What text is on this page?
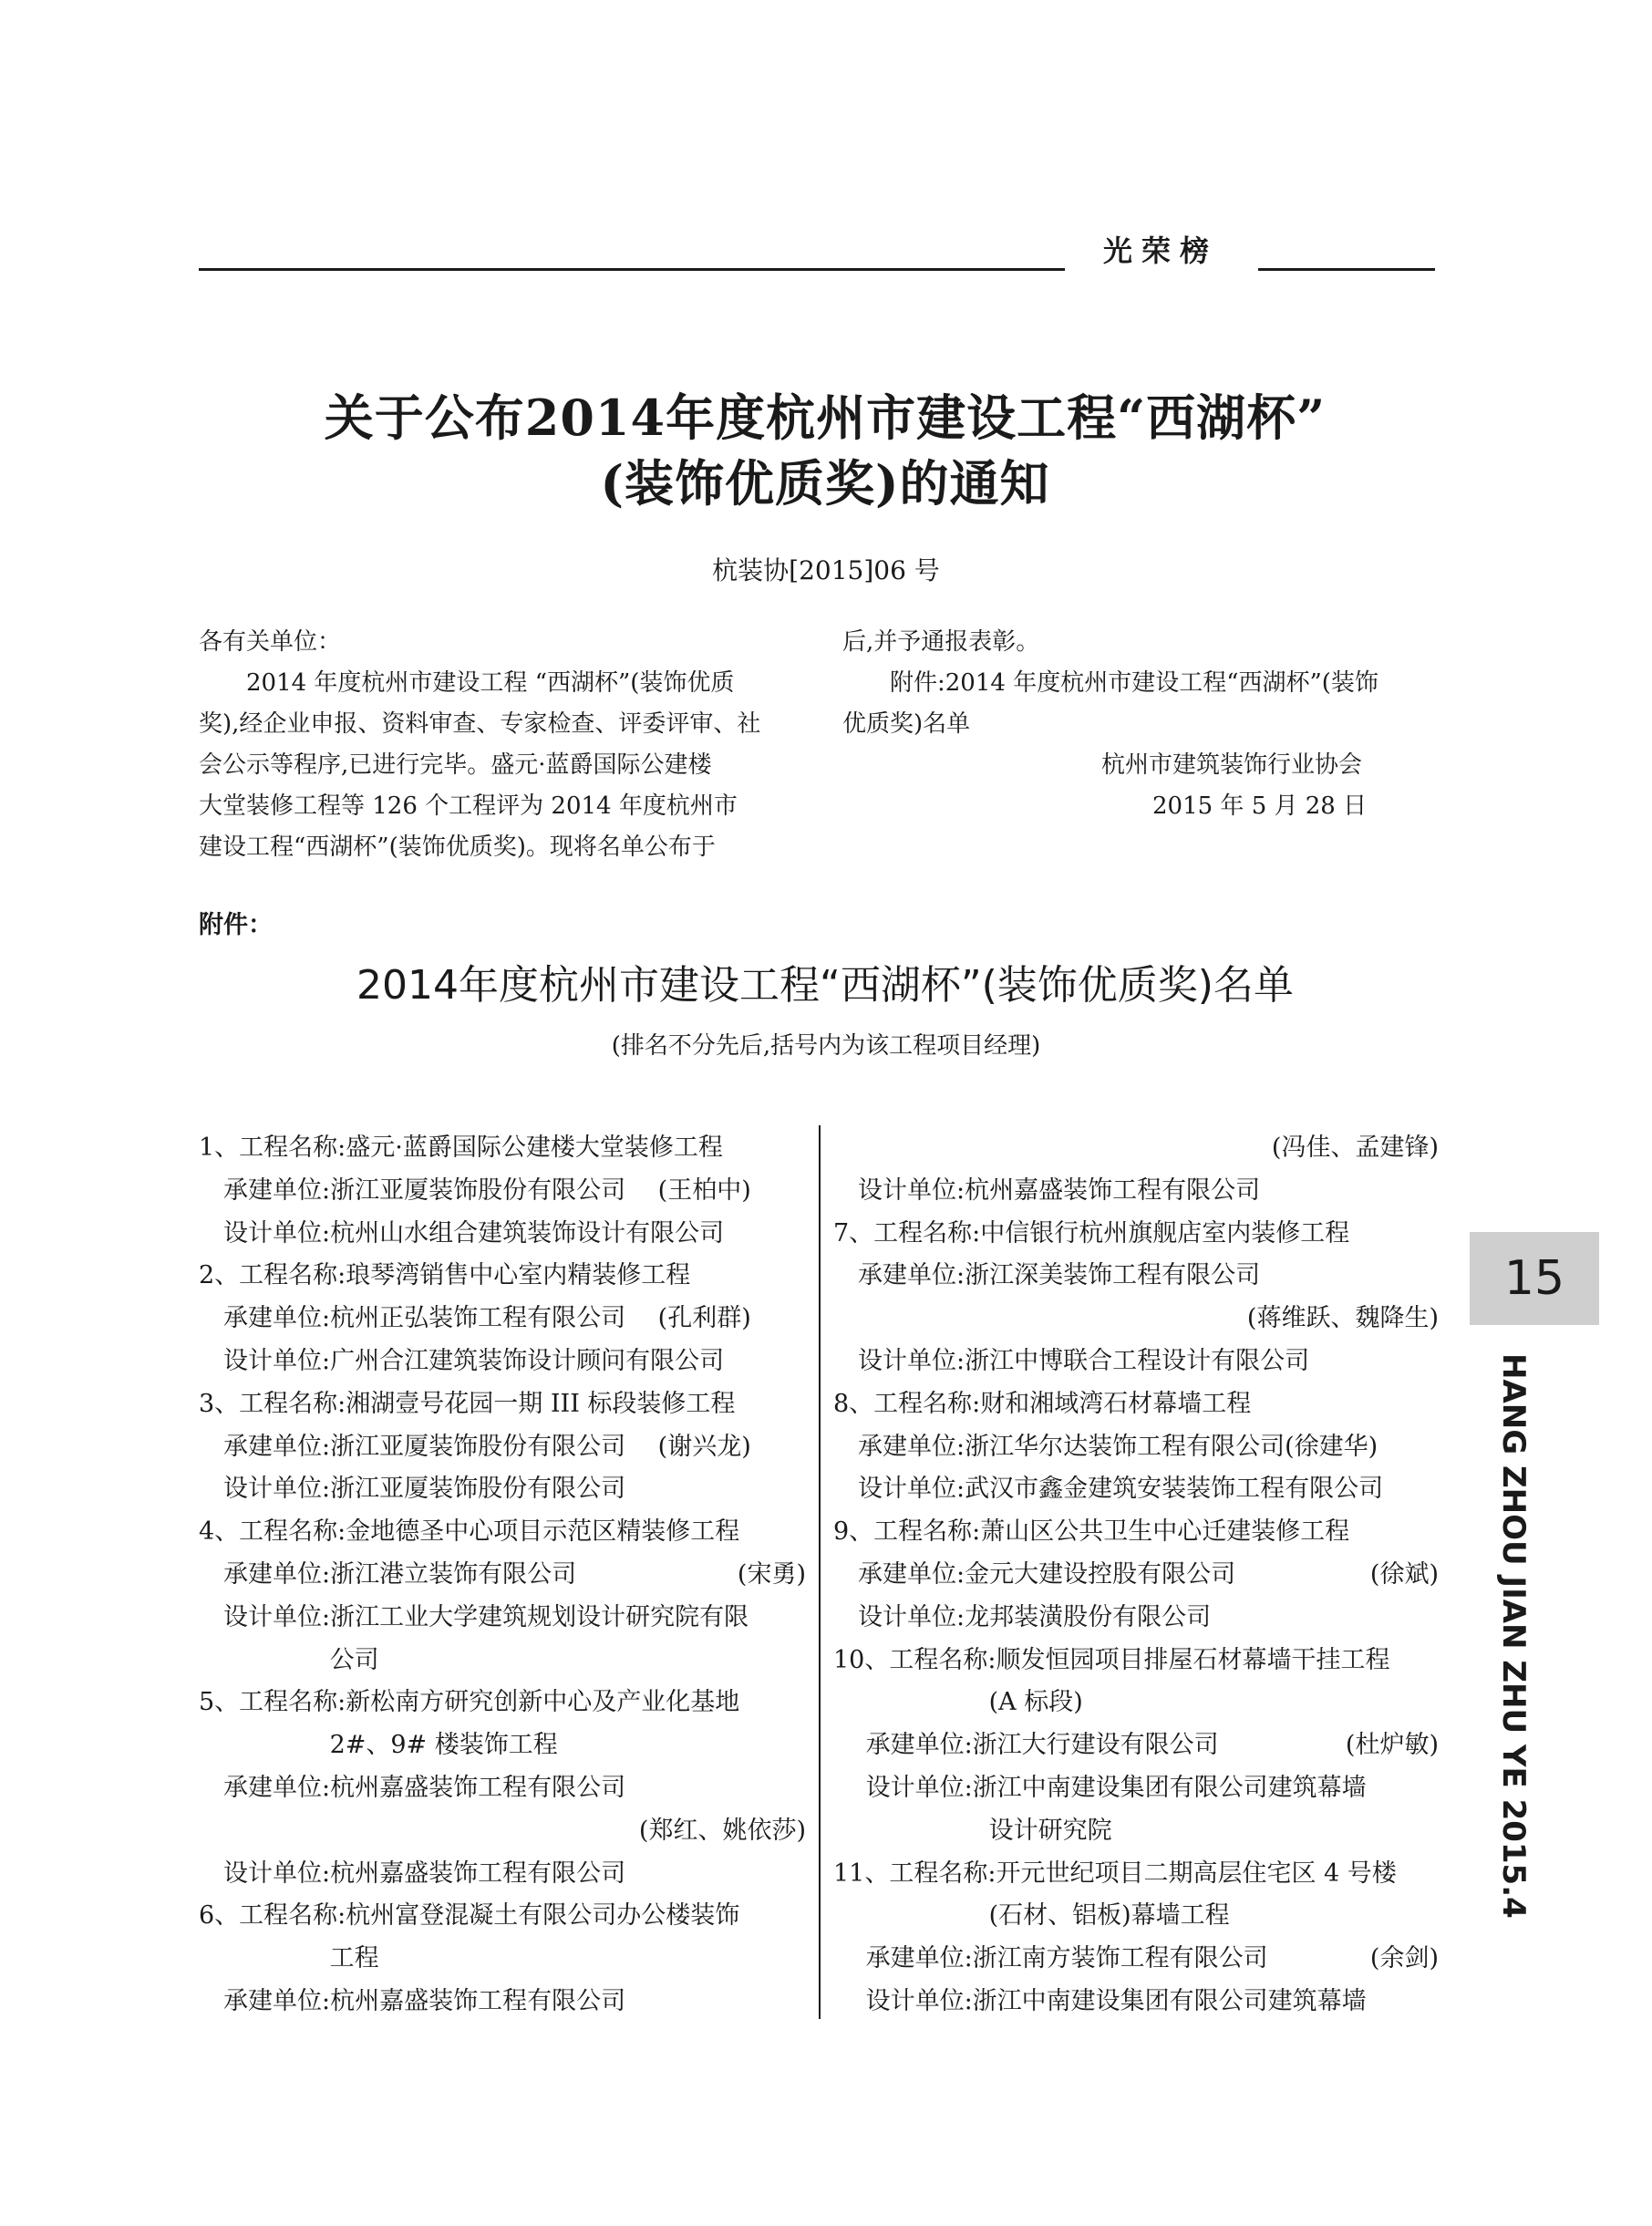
光荣榜
关于公布2014年度杭州市建设工程“西湖杯”
(装饰优质奖)的通知
杭装协[2015]06 号
各有关单位：
　　2014 年度杭州市建设工程 “西湖杯”(装饰优质
奖),经企业申报、资料审查、专家检查、评委评审、社
会公示等程序,已进行完毕。盛元·蓝爵国际公建楼
大堂装修工程等 126 个工程评为 2014 年度杭州市
建设工程“西湖杯”(装饰优质奖)。现将名单公布于
后,并予通报表彰。
　　附件:2014 年度杭州市建设工程“西湖杯”(装饰
优质奖)名单
杭州市建筑装饰行业协会
2015 年 5 月 28 日
附件：
2014年度杭州市建设工程“西湖杯”(装饰优质奖)名单
(排名不分先后,括号内为该工程项目经理)
1、工程名称:盛元·蓝爵国际公建楼大堂装修工程
　承建单位:浙江亚厦装饰股份有限公司　 (王柏中)
　设计单位:杭州山水组合建筑装饰设计有限公司
2、工程名称:琅琴湾销售中心室内精装修工程
　承建单位:杭州正弘装饰工程有限公司　 (孔利群)
　设计单位:广州合江建筑装饰设计顾问有限公司
3、工程名称:湘湖壹号花园一期 III 标段装修工程
　承建单位:浙江亚厦装饰股份有限公司　 (谢兴龙)
　设计单位:浙江亚厦装饰股份有限公司
4、工程名称:金地德圣中心项目示范区精装修工程
　承建单位:浙江港立装饰有限公司
　设计单位:浙江工业大学建筑规划设计研究院有限
　　　　　 公司
5、工程名称:新松南方研究创新中心及产业化基地
　　　　　 2#、9# 楼装饰工程
　承建单位:杭州嘉盛装饰工程有限公司
　设计单位:杭州嘉盛装饰工程有限公司
6、工程名称:杭州富登混凝土有限公司办公楼装饰
　　　　　 工程
　承建单位:杭州嘉盛装饰工程有限公司
(宋勇)
(郑红、姚依莎)
　设计单位:杭州嘉盛装饰工程有限公司
7、工程名称:中信银行杭州旗舰店室内装修工程
　承建单位:浙江深美装饰工程有限公司
　设计单位:浙江中博联合工程设计有限公司
8、工程名称:财和湘域湾石材幕墙工程
　承建单位:浙江华尔达装饰工程有限公司(徐建华)
　设计单位:武汉市鑫金建筑安装装饰工程有限公司
9、工程名称:萧山区公共卫生中心迁建装修工程
　承建单位:金元大建设控股有限公司
　设计单位:龙邦装潢股份有限公司
10、工程名称:顺发恒园项目排屋石材幕墙干挂工程
　　　　　　 (A 标段)
　 承建单位:浙江大行建设有限公司
　 设计单位:浙江中南建设集团有限公司建筑幕墙
　　　　　　 设计研究院
11、工程名称:开元世纪项目二期高层住宅区 4 号楼
　　　　　　 (石材、铝板)幕墙工程
　 承建单位:浙江南方装饰工程有限公司
　 设计单位:浙江中南建设集团有限公司建筑幕墙
(冯佳、孟建锋)
(蒋维跃、魏降生)
(徐斌)
(杜炉敏)
(余剑)
15
HANG ZHOU JIAN ZHU YE 2015.4
